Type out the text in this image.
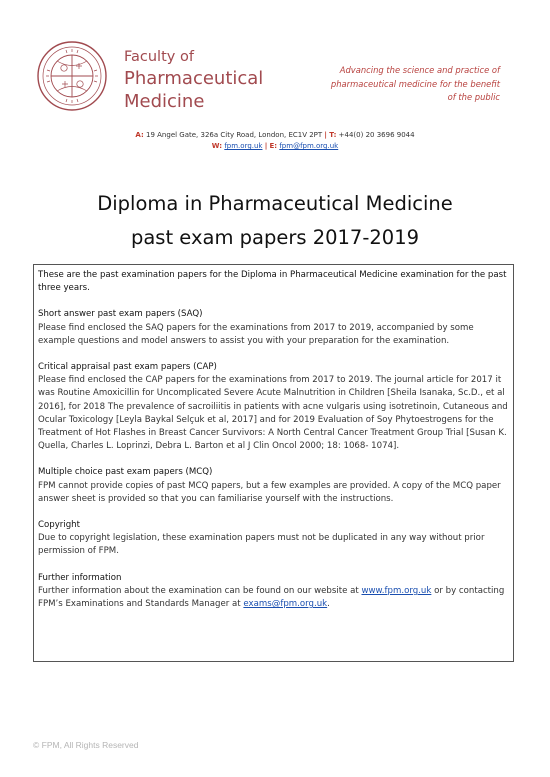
Faculty of
Pharmaceutical
Medicine
Advancing the science and practice of pharmaceutical medicine for the benefit of the public
A: 19 Angel Gate, 326a City Road, London, EC1V 2PT | T: +44(0) 20 3696 9044
W: fpm.org.uk | E: fpm@fpm.org.uk
Diploma in Pharmaceutical Medicine
past exam papers 2017-2019

These are the past examination papers for the Diploma in Pharmaceutical Medicine examination for the past three years.

Short answer past exam papers (SAQ)

Please find enclosed the SAQ papers for the examinations from 2017 to 2019, accompanied by some example questions and model answers to assist you with your preparation for the examination.

Critical appraisal past exam papers (CAP)

Please find enclosed the CAP papers for the examinations from 2017 to 2019. The journal article for 2017 it was Routine Amoxicillin for Uncomplicated Severe Acute Malnutrition in Children [Sheila Isanaka, Sc.D., et al 2016], for 2018 The prevalence of sacroiliitis in patients with acne vulgaris using isotretinoin, Cutaneous and Ocular Toxicology [Leyla Baykal Selçuk et al, 2017] and for 2019 Evaluation of Soy Phytoestrogens for the Treatment of Hot Flashes in Breast Cancer Survivors: A North Central Cancer Treatment Group Trial [Susan K. Quella, Charles L. Loprinzi, Debra L. Barton et al J Clin Oncol 2000; 18: 1068- 1074].

Multiple choice past exam papers (MCQ)

FPM cannot provide copies of past MCQ papers, but a few examples are provided. A copy of the MCQ paper answer sheet is provided so that you can familiarise yourself with the instructions.

Copyright

Due to copyright legislation, these examination papers must not be duplicated in any way without prior permission of FPM.

Further information

Further information about the examination can be found on our website at www.fpm.org.uk or by contacting FPM’s Examinations and Standards Manager at exams@fpm.org.uk.

© FPM, All Rights Reserved
